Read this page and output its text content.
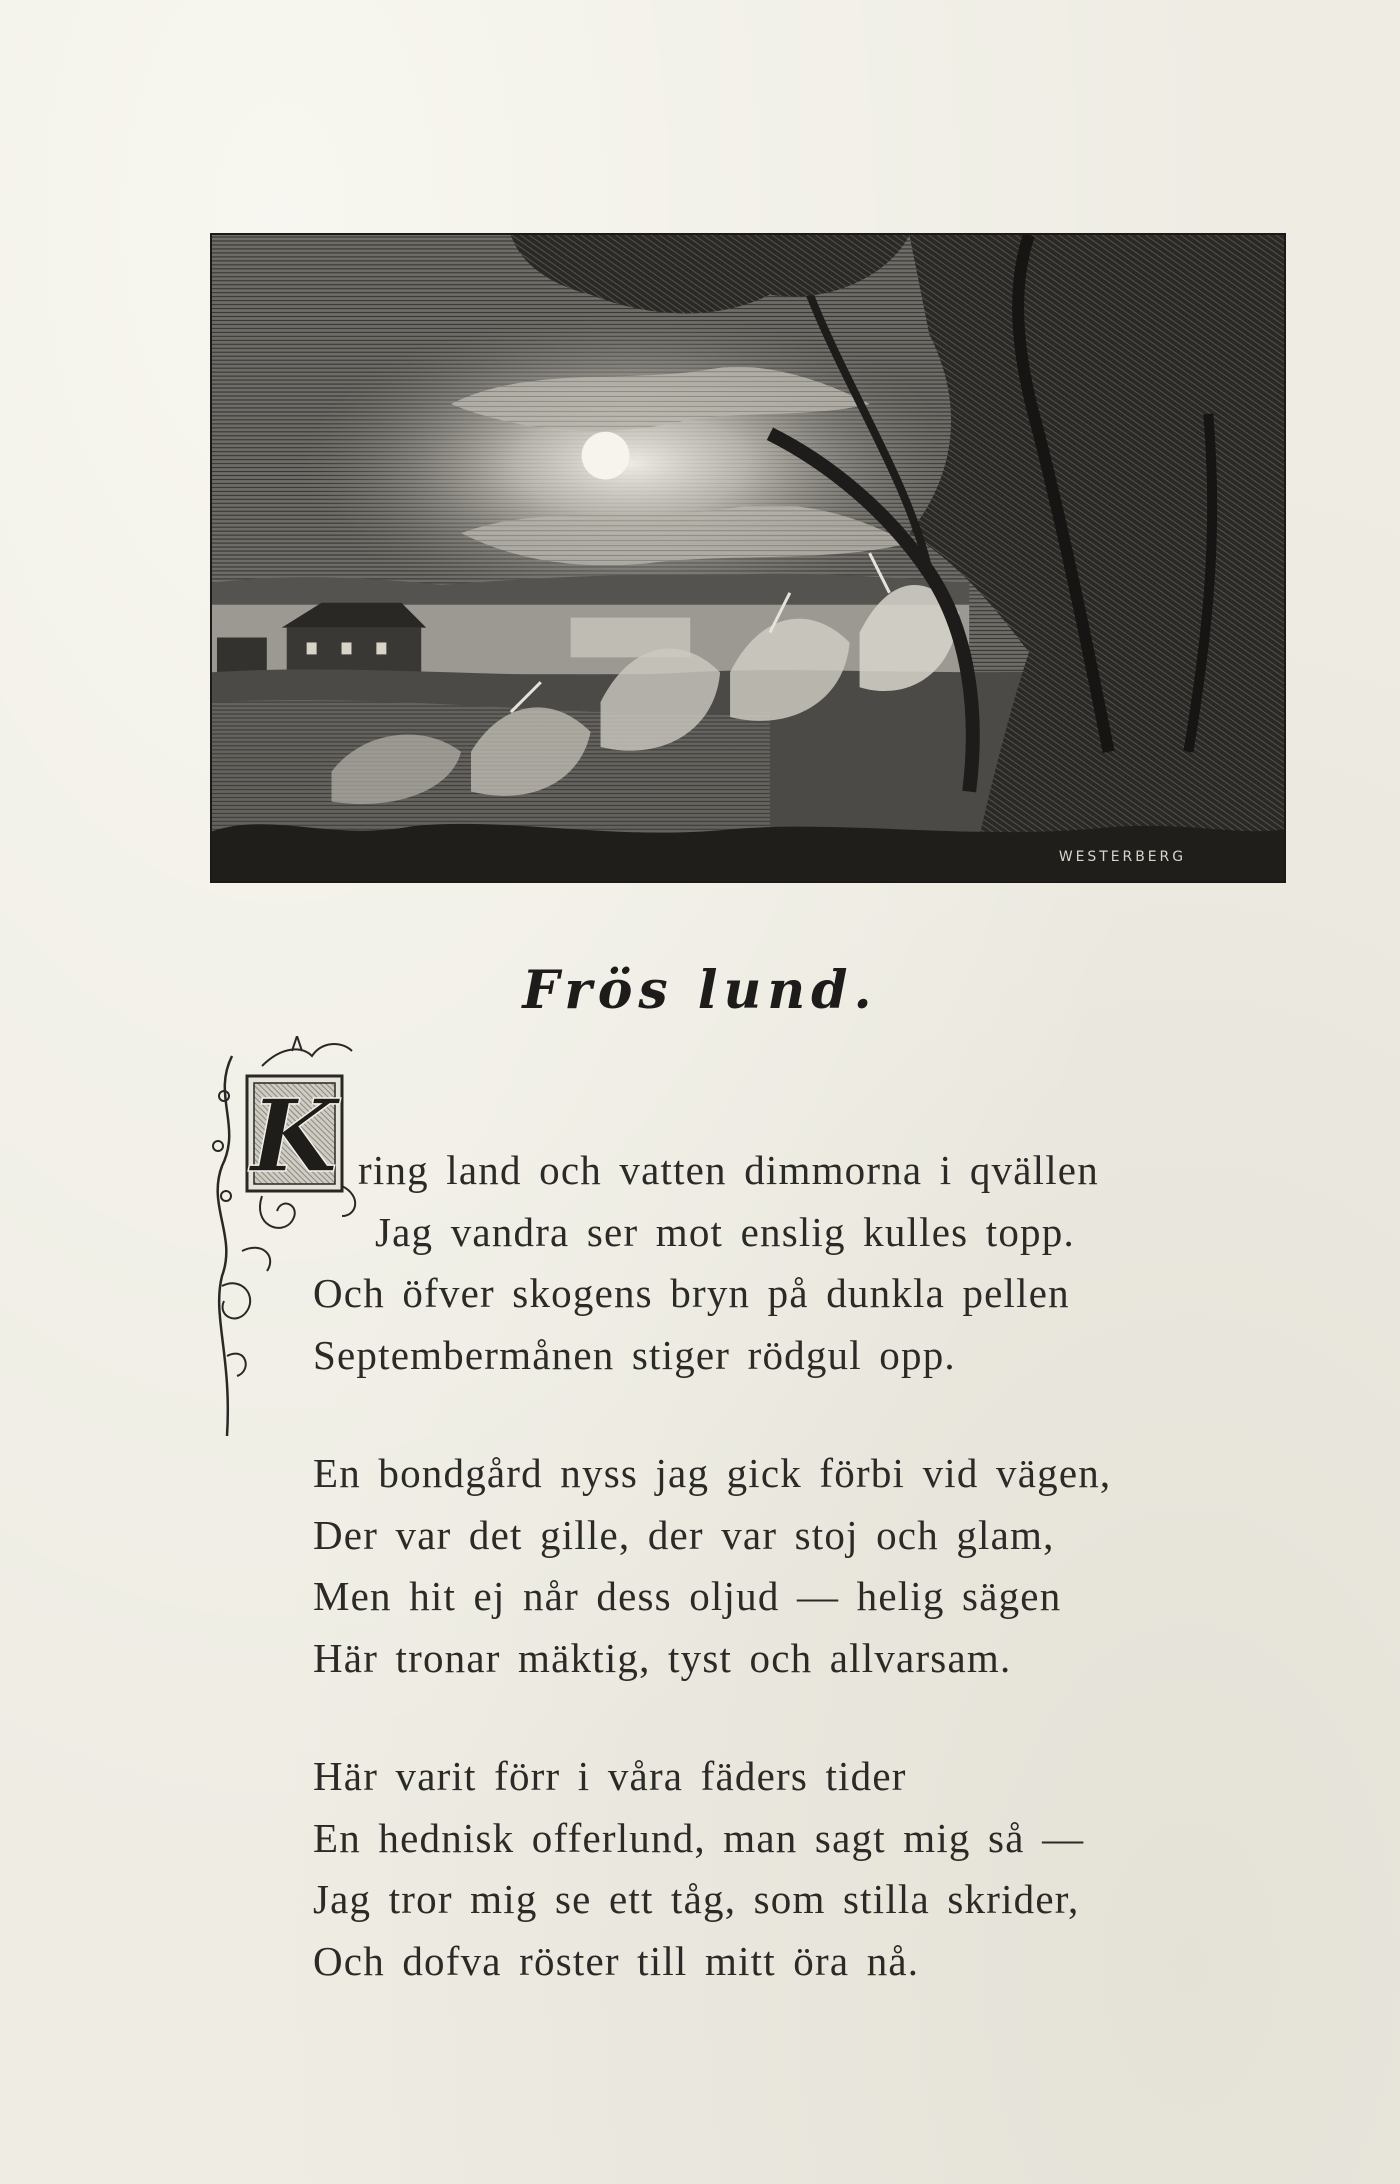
WESTERBERG
Frös lund.
K ring land och vatten dimmorna i qvällen
Jag vandra ser mot enslig kulles topp.
Och öfver skogens bryn på dunkla pellen
Septembermånen stiger rödgul opp.
En bondgård nyss jag gick förbi vid vägen,
Der var det gille, der var stoj och glam,
Men hit ej når dess oljud — helig sägen
Här tronar mäktig, tyst och allvarsam.
Här varit förr i våra fäders tider
En hednisk offerlund, man sagt mig så —
Jag tror mig se ett tåg, som stilla skrider,
Och dofva röster till mitt öra nå.
